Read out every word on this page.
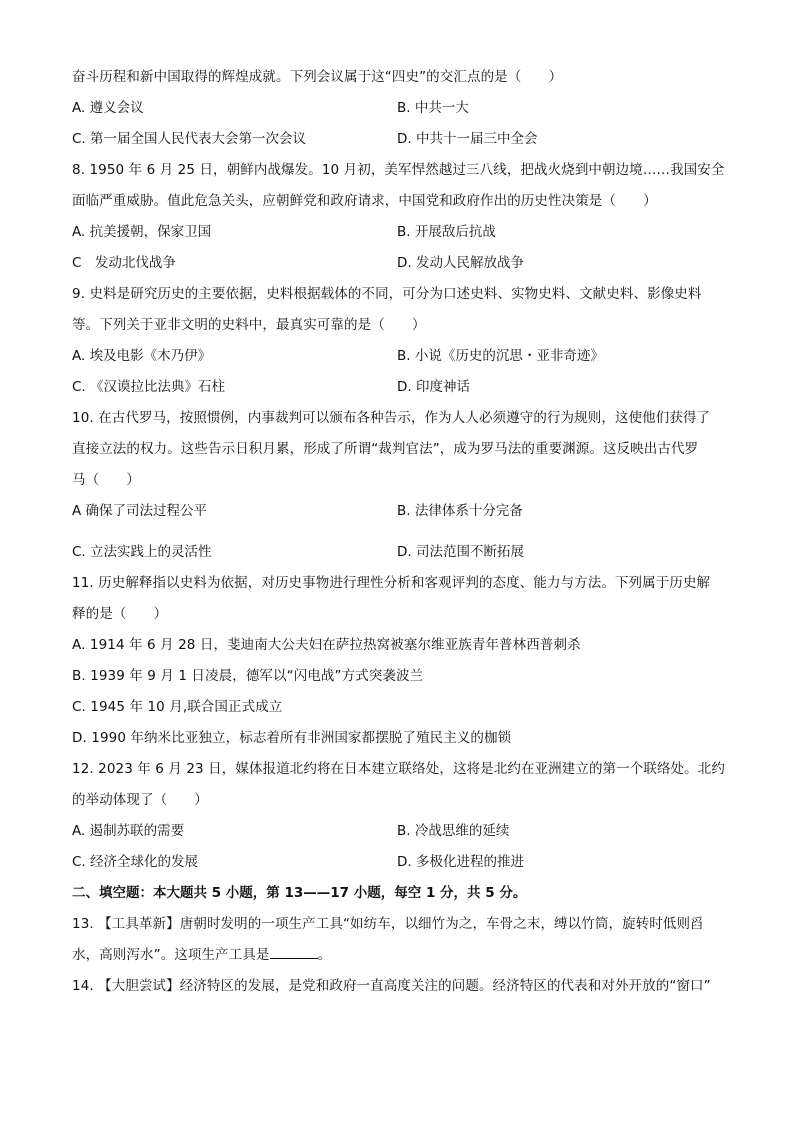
奋斗历程和新中国取得的辉煌成就。下列会议属于这“四史”的交汇点的是（　　）
A. 遵义会议	B. 中共一大
C. 第一届全国人民代表大会第一次会议	D. 中共十一届三中全会
8. 1950 年 6 月 25 日，朝鲜内战爆发。10 月初，美军悍然越过三八线，把战火烧到中朝边境……我国安全
面临严重威胁。值此危急关头，应朝鲜党和政府请求，中国党和政府作出的历史性决策是（　　）
A. 抗美援朝，保家卫国	B. 开展敌后抗战
C　发动北伐战争	D. 发动人民解放战争
9. 史料是研究历史的主要依据，史料根据载体的不同，可分为口述史料、实物史料、文献史料、影像史料
等。下列关于亚非文明的史料中，最真实可靠的是（　　）
A. 埃及电影《木乃伊》	B. 小说《历史的沉思・亚非奇迹》
C. 《汉谟拉比法典》石柱	D. 印度神话
10. 在古代罗马，按照惯例，内事裁判可以颁布各种告示，作为人人必须遵守的行为规则，这使他们获得了
直接立法的权力。这些告示日积月累，形成了所谓“裁判官法”，成为罗马法的重要渊源。这反映出古代罗
马（　　）
A 确保了司法过程公平	B. 法律体系十分完备
C. 立法实践上的灵活性	D. 司法范围不断拓展
11. 历史解释指以史料为依据，对历史事物进行理性分析和客观评判的态度、能力与方法。下列属于历史解
释的是（　　）
A. 1914 年 6 月 28 日，斐迪南大公夫妇在萨拉热窝被塞尔维亚族青年普林西普刺杀
B. 1939 年 9 月 1 日凌晨，德军以“闪电战”方式突袭波兰
C. 1945 年 10 月,联合国正式成立
D. 1990 年纳米比亚独立，标志着所有非洲国家都摆脱了殖民主义的枷锁
12. 2023 年 6 月 23 日，媒体报道北约将在日本建立联络处，这将是北约在亚洲建立的第一个联络处。北约
的举动体现了（　　）
A. 遏制苏联的需要	B. 冷战思维的延续
C. 经济全球化的发展	D. 多极化进程的推进
二、填空题：本大题共 5 小题，第 13——17 小题，每空 1 分，共 5 分。
13. 【工具革新】唐朝时发明的一项生产工具“如纺车，以细竹为之，车骨之末，缚以竹筒，旋转时低则舀
水，高则泻水”。这项生产工具是	。
14. 【大胆尝试】经济特区的发展，是党和政府一直高度关注的问题。经济特区的代表和对外开放的“窗口”
